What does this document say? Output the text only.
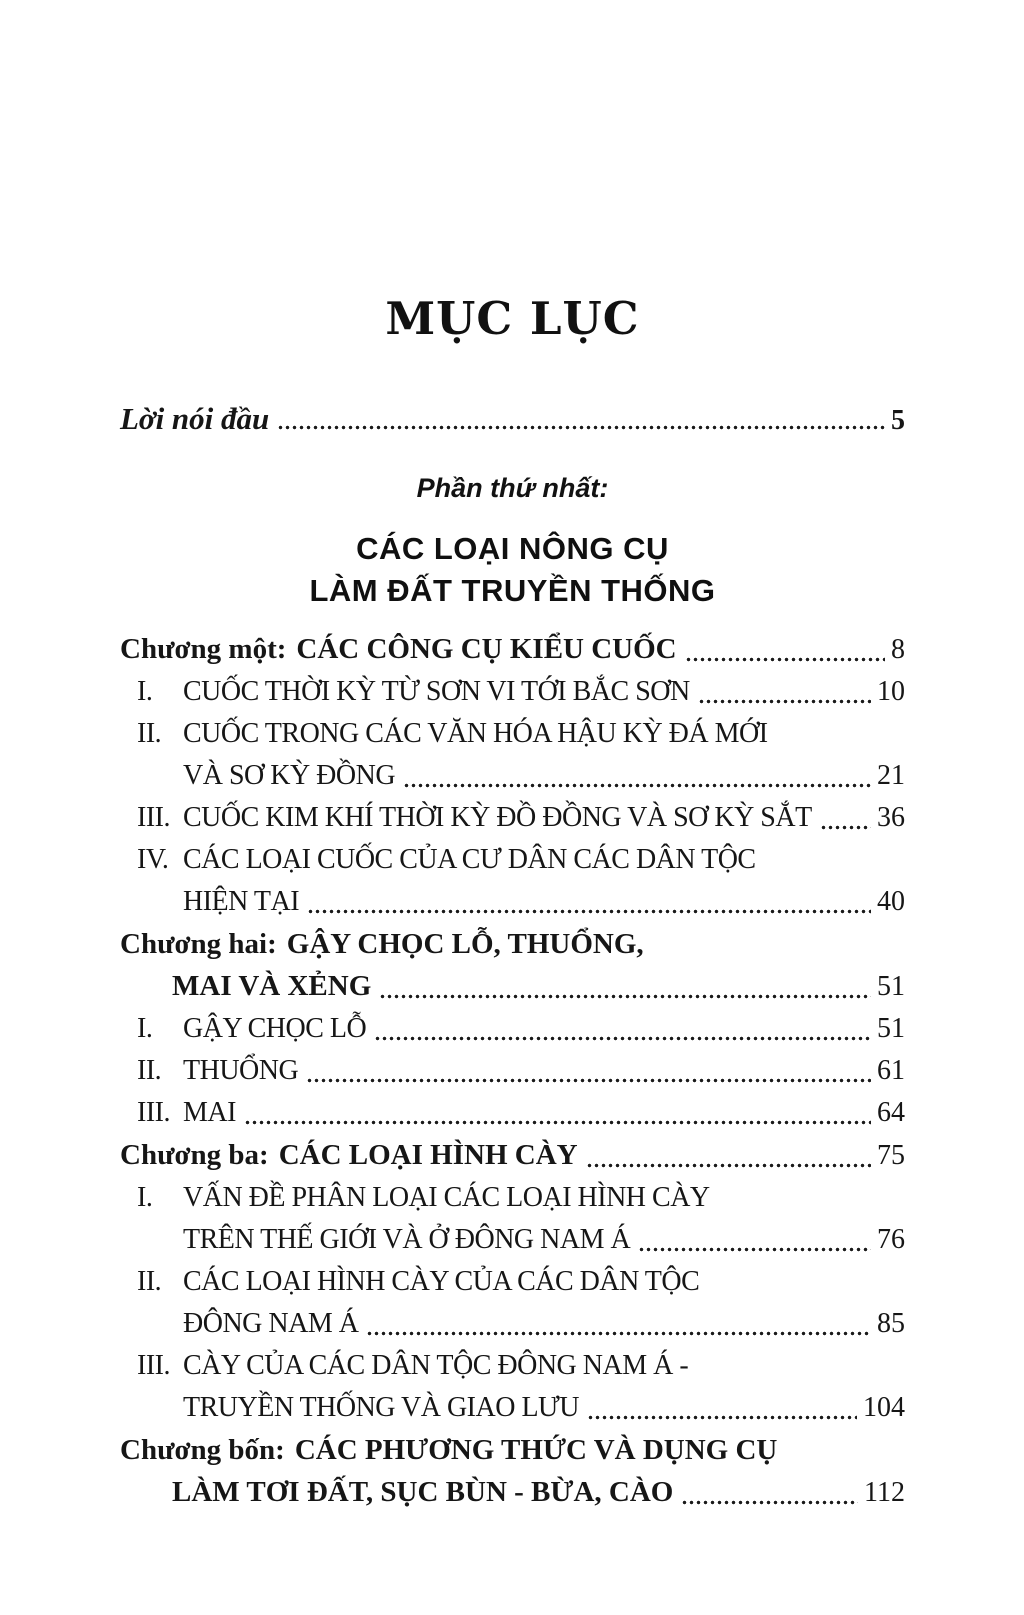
MỤC LỤC
Lời nói đầu	5
Phần thứ nhất:
CÁC LOẠI NÔNG CỤ
LÀM ĐẤT TRUYỀN THỐNG
Chương một: CÁC CÔNG CỤ KIỂU CUỐC	8
I.	CUỐC THỜI KỲ TỪ SƠN VI TỚI BẮC SƠN	10
II. CUỐC TRONG CÁC VĂN HÓA HẬU KỲ ĐÁ MỚI
VÀ SƠ KỲ ĐỒNG	21
III. CUỐC KIM KHÍ THỜI KỲ ĐỒ ĐỒNG VÀ SƠ KỲ SẮT 36
IV. CÁC LOẠI CUỐC CỦA CƯ DÂN CÁC DÂN TỘC
HIỆN TẠI	40
Chương hai: GẬY CHỌC LỖ, THUỔNG,
MAI VÀ XẺNG	51
I.	GẬY CHỌC LỖ	51
II. THUỔNG	61
III. MAI	64
Chương ba: CÁC LOẠI HÌNH CÀY	75
I.	VẤN ĐỀ PHÂN LOẠI CÁC LOẠI HÌNH CÀY
TRÊN THẾ GIỚI VÀ Ở ĐÔNG NAM Á	76
II. CÁC LOẠI HÌNH CÀY CỦA CÁC DÂN TỘC
ĐÔNG NAM Á	85
III. CÀY CỦA CÁC DÂN TỘC ĐÔNG NAM Á -
TRUYỀN THỐNG VÀ GIAO LƯU	104
Chương bốn: CÁC PHƯƠNG THỨC VÀ DỤNG CỤ
LÀM TƠI ĐẤT, SỤC BÙN - BỪA, CÀO	112
